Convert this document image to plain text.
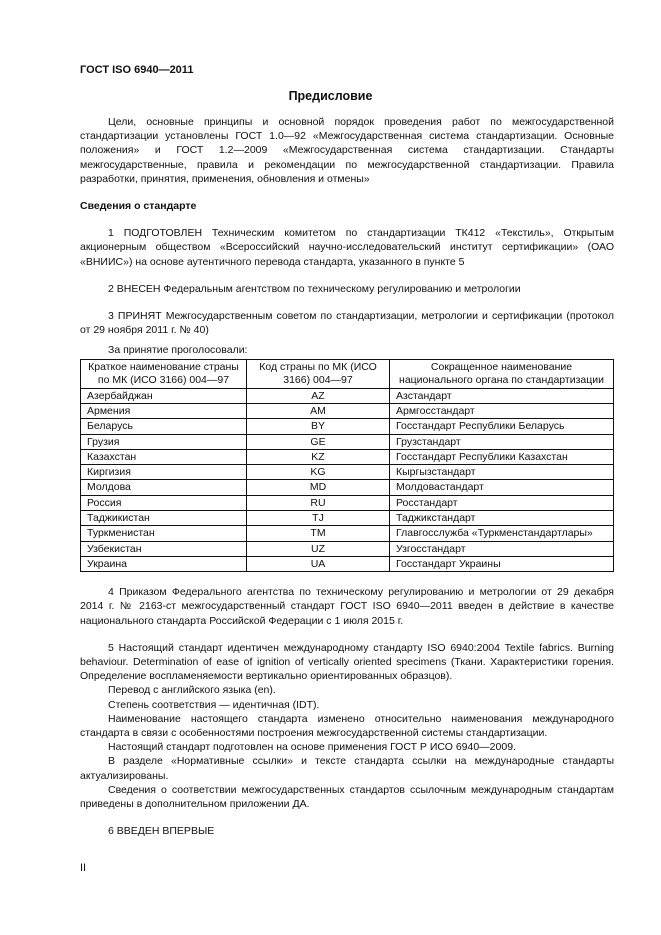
ГОСТ ISO 6940—2011
Предисловие

Цели, основные принципы и основной порядок проведения работ по межгосударственной стандартизации установлены ГОСТ 1.0—92 «Межгосударственная система стандартизации. Основные положения» и ГОСТ 1.2—2009 «Межгосударственная система стандартизации. Стандарты межгосударственные, правила и рекомендации по межгосударственной стандартизации. Правила разработки, принятия, применения, обновления и отмены»

Сведения о стандарте

1 ПОДГОТОВЛЕН Техническим комитетом по стандартизации ТК412 «Текстиль», Открытым акционерным обществом «Всероссийский научно-исследовательский институт сертификации» (ОАО «ВНИИС») на основе аутентичного перевода стандарта, указанного в пункте 5

2 ВНЕСЕН Федеральным агентством по техническому регулированию и метрологии

3 ПРИНЯТ Межгосударственным советом по стандартизации, метрологии и сертификации (протокол от 29 ноября 2011 г. № 40)

За принятие проголосовали:

Краткое наименование страны по МК (ИСО 3166) 004—97	Код страны по МК (ИСО 3166) 004—97	Сокращенное наименование национального органа по стандартизации
Азербайджан	AZ	Азстандарт
Армения	AM	Армгосстандарт
Беларусь	BY	Госстандарт Республики Беларусь
Грузия	GE	Грузстандарт
Казахстан	KZ	Госстандарт Республики Казахстан
Киргизия	KG	Кыргызстандарт
Молдова	MD	Молдовастандарт
Россия	RU	Росстандарт
Таджикистан	TJ	Таджикстандарт
Туркменистан	TM	Главгосслужба «Туркменстандартлары»
Узбекистан	UZ	Узгосстандарт
Украина	UA	Госстандарт Украины

4 Приказом Федерального агентства по техническому регулированию и метрологии от 29 декабря 2014 г. № 2163-ст межгосударственный стандарт ГОСТ ISO 6940—2011 введен в действие в качестве национального стандарта Российской Федерации с 1 июля 2015 г.

5 Настоящий стандарт идентичен международному стандарту ISO 6940:2004 Textile fabrics. Burning behaviour. Determination of ease of ignition of vertically oriented specimens (Ткани. Характеристики горения. Определение воспламеняемости вертикально ориентированных образцов).

Перевод с английского языка (en).

Степень соответствия — идентичная (IDT).

Наименование настоящего стандарта изменено относительно наименования международного стандарта в связи с особенностями построения межгосударственной системы стандартизации.

Настоящий стандарт подготовлен на основе применения ГОСТ Р ИСО 6940—2009.

В разделе «Нормативные ссылки» и тексте стандарта ссылки на международные стандарты актуализированы.

Сведения о соответствии межгосударственных стандартов ссылочным международным стандартам приведены в дополнительном приложении ДА.

6 ВВЕДЕН ВПЕРВЫЕ

II
